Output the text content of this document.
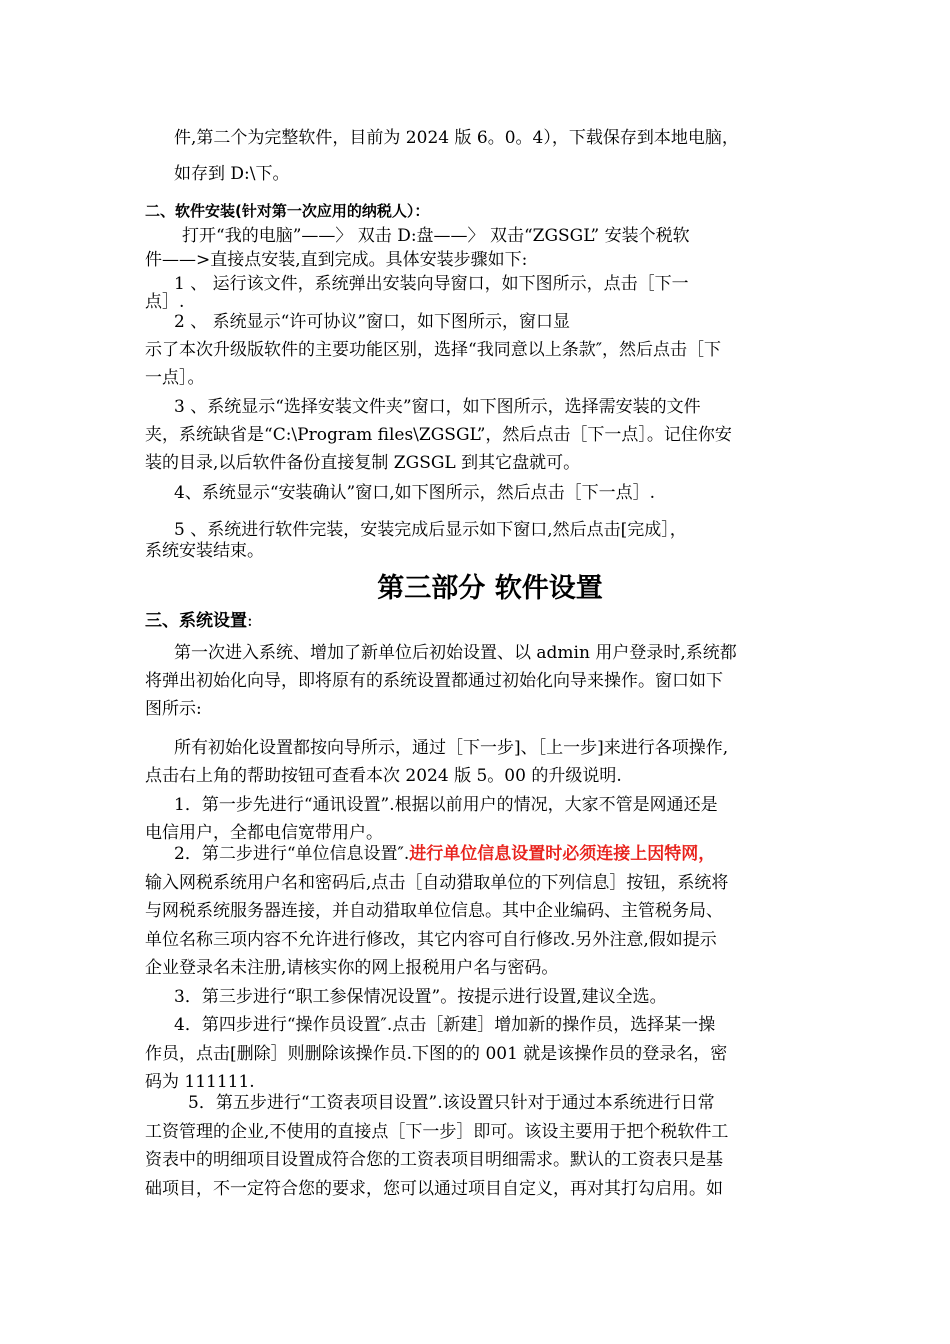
件,第二个为完整软件，目前为 2024 版 6。0。4），下载保存到本地电脑，
如存到 D:\下。
二、软件安装(针对第一次应用的纳税人）：
打开“我的电脑”——〉 双击 D:盘——〉 双击“ZGSGL” 安装个税软
件——>直接点安装,直到完成。具体安装步骤如下:
1 、 运行该文件，系统弹出安装向导窗口，如下图所示，点击［下一
点］.
2 、 系统显示“许可协议”窗口，如下图所示，窗口显
示了本次升级版软件的主要功能区别，选择“我同意以上条款″，然后点击［下
一点］。
3 、系统显示“选择安装文件夹”窗口，如下图所示，选择需安装的文件
夹，系统缺省是“C:\Program files\ZGSGL”，然后点击［下一点］。记住你安
装的目录,以后软件备份直接复制 ZGSGL 到其它盘就可。
4、系统显示“安装确认”窗口,如下图所示，然后点击［下一点］.
5 、系统进行软件完装，安装完成后显示如下窗口,然后点击[完成］，
系统安装结束。
第三部分 软件设置
三、系统设置:
第一次进入系统、增加了新单位后初始设置、以 admin 用户登录时,系统都
将弹出初始化向导，即将原有的系统设置都通过初始化向导来操作。窗口如下
图所示:
所有初始化设置都按向导所示，通过［下一步]、［上一步]来进行各项操作,
点击右上角的帮助按钮可查看本次 2024 版 5。00 的升级说明.
1．第一步先进行“通讯设置”.根据以前用户的情况，大家不管是网通还是
电信用户，全都电信宽带用户。
2．第二步进行“单位信息设置″.进行单位信息设置时必须连接上因特网，
输入网税系统用户名和密码后,点击［自动猎取单位的下列信息］按钮，系统将
与网税系统服务器连接，并自动猎取单位信息。其中企业编码、主管税务局、
单位名称三项内容不允许进行修改，其它内容可自行修改.另外注意,假如提示
企业登录名未注册,请核实你的网上报税用户名与密码。
3．第三步进行“职工参保情况设置”。按提示进行设置,建议全选。
4．第四步进行“操作员设置″.点击［新建］增加新的操作员，选择某一操
作员，点击[删除］则删除该操作员.下图的的 001 就是该操作员的登录名，密
码为 111111.
5．第五步进行“工资表项目设置”.该设置只针对于通过本系统进行日常
工资管理的企业,不使用的直接点［下一步］即可。该设主要用于把个税软件工
资表中的明细项目设置成符合您的工资表项目明细需求。默认的工资表只是基
础项目，不一定符合您的要求，您可以通过项目自定义，再对其打勾启用。如
